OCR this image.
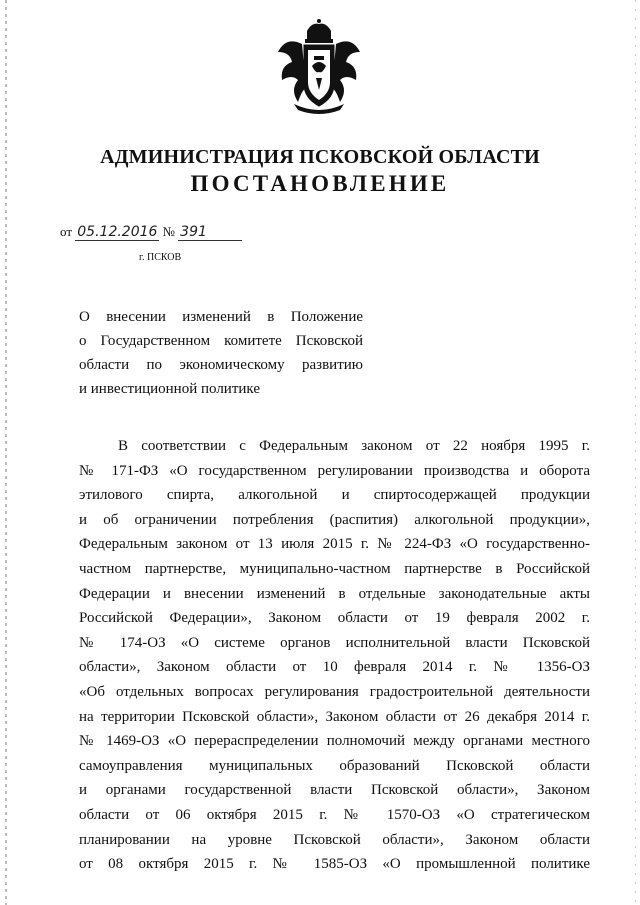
АДМИНИСТРАЦИЯ ПСКОВСКОЙ ОБЛАСТИ
ПОСТАНОВЛЕНИЕ
от 05.12.2016 № 391
г. ПСКОВ
О внесении изменений в Положение
о Государственном комитете Псковской
области по экономическому развитию
и инвестиционной политике
В соответствии с Федеральным законом от 22 ноября 1995 г.
№ 171-ФЗ «О государственном регулировании производства и оборота
этилового спирта, алкогольной и спиртосодержащей продукции
и об ограничении потребления (распития) алкогольной продукции»,
Федеральным законом от 13 июля 2015 г. № 224-ФЗ «О государственно-
частном партнерстве, муниципально-частном партнерстве в Российской
Федерации и внесении изменений в отдельные законодательные акты
Российской Федерации», Законом области от 19 февраля 2002 г.
№ 174-ОЗ «О системе органов исполнительной власти Псковской
области», Законом области от 10 февраля 2014 г. № 1356-ОЗ
«Об отдельных вопросах регулирования градостроительной деятельности
на территории Псковской области», Законом области от 26 декабря 2014 г.
№ 1469-ОЗ «О перераспределении полномочий между органами местного
самоуправления муниципальных образований Псковской области
и органами государственной власти Псковской области», Законом
области от 06 октября 2015 г. № 1570-ОЗ «О стратегическом
планировании на уровне Псковской области», Законом области
от 08 октября 2015 г. № 1585-ОЗ «О промышленной политике
